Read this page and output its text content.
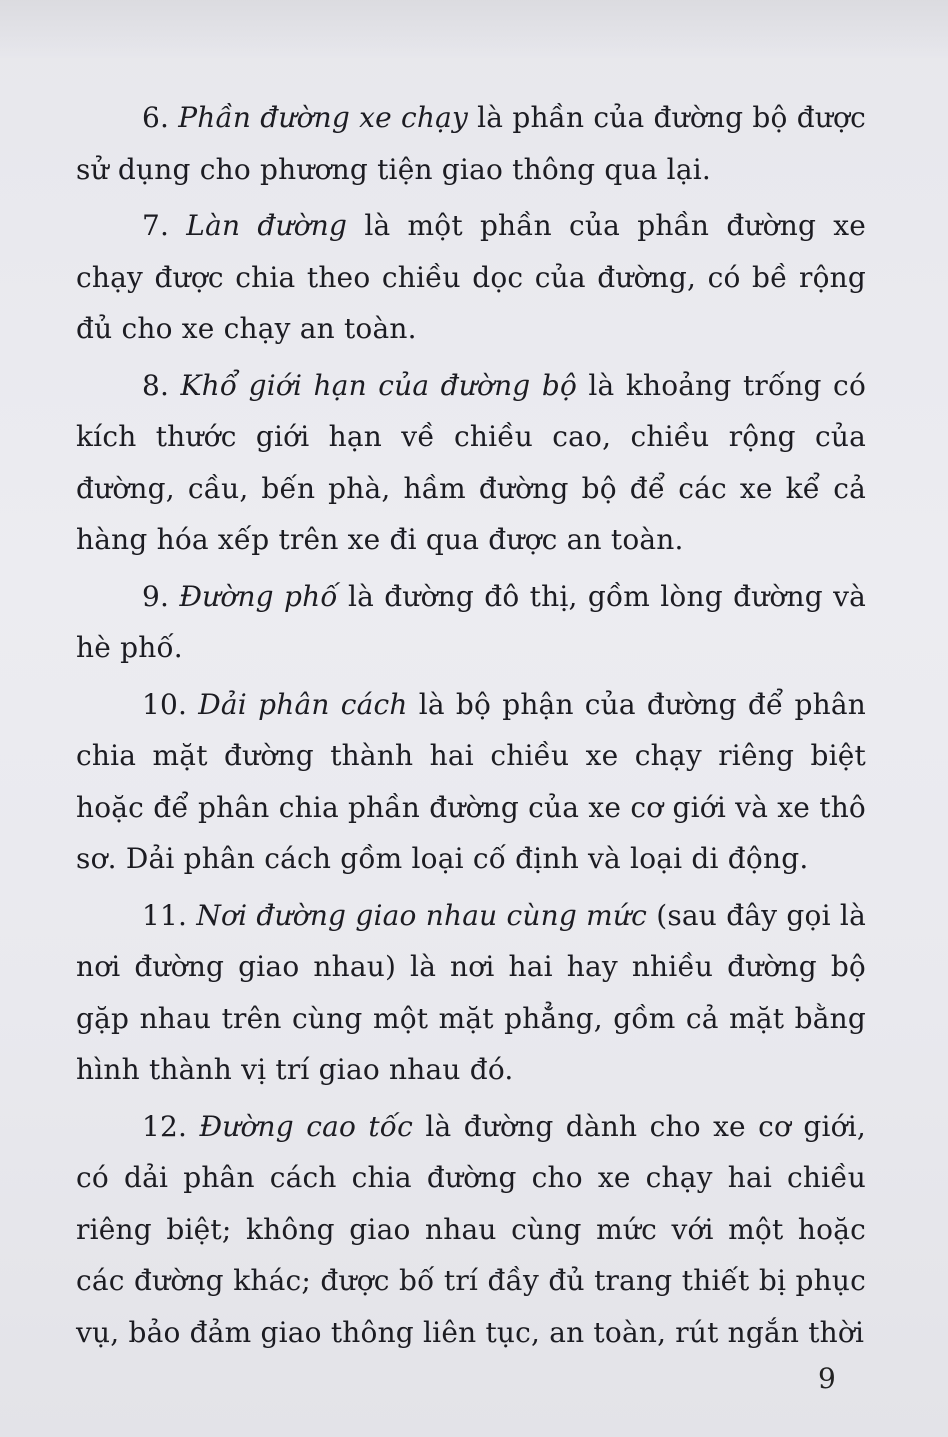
6. Phần đường xe chạy là phần của đường bộ được sử dụng cho phương tiện giao thông qua lại.

7. Làn đường là một phần của phần đường xe chạy được chia theo chiều dọc của đường, có bề rộng đủ cho xe chạy an toàn.

8. Khổ giới hạn của đường bộ là khoảng trống có kích thước giới hạn về chiều cao, chiều rộng của đường, cầu, bến phà, hầm đường bộ để các xe kể cả hàng hóa xếp trên xe đi qua được an toàn.

9. Đường phố là đường đô thị, gồm lòng đường và hè phố.

10. Dải phân cách là bộ phận của đường để phân chia mặt đường thành hai chiều xe chạy riêng biệt hoặc để phân chia phần đường của xe cơ giới và xe thô sơ. Dải phân cách gồm loại cố định và loại di động.

11. Nơi đường giao nhau cùng mức (sau đây gọi là nơi đường giao nhau) là nơi hai hay nhiều đường bộ gặp nhau trên cùng một mặt phẳng, gồm cả mặt bằng hình thành vị trí giao nhau đó.

12. Đường cao tốc là đường dành cho xe cơ giới, có dải phân cách chia đường cho xe chạy hai chiều riêng biệt; không giao nhau cùng mức với một hoặc các đường khác; được bố trí đầy đủ trang thiết bị phục vụ, bảo đảm giao thông liên tục, an toàn, rút ngắn thời

9
